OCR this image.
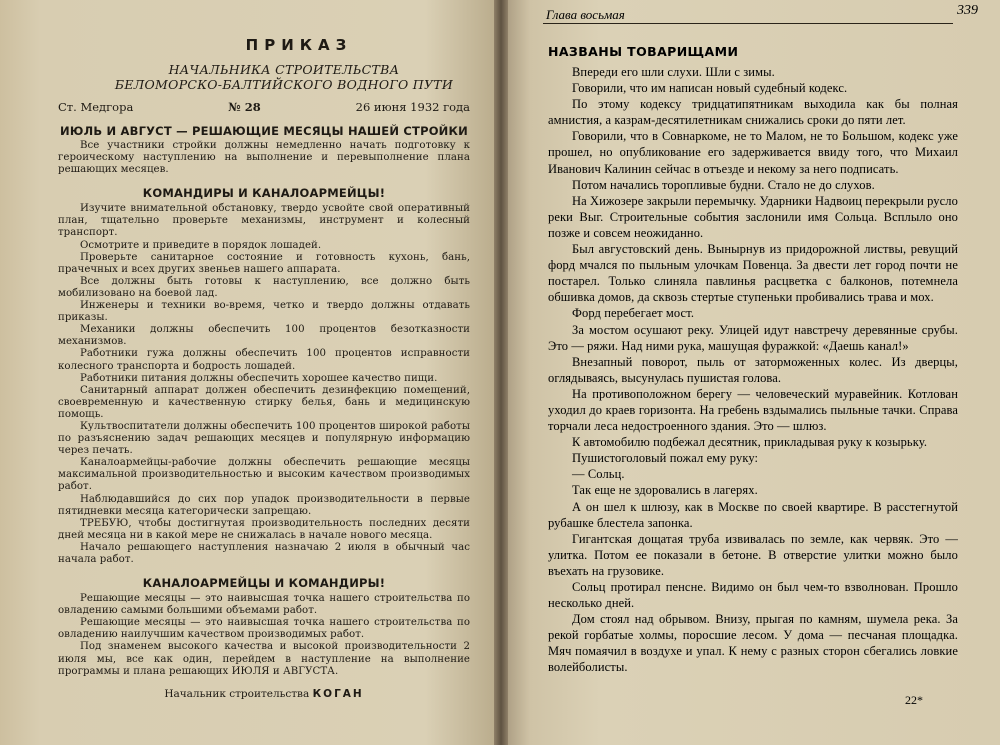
ПРИКАЗ
НАЧАЛЬНИКА СТРОИТЕЛЬСТВА
БЕЛОМОРСКО-БАЛТИЙСКОГО ВОДНОГО ПУТИ
Ст. Медгора	№ 28	26 июня 1932 года
ИЮЛЬ И АВГУСТ — РЕШАЮЩИЕ МЕСЯЦЫ НАШЕЙ СТРОЙКИ
Все участники стройки должны немедленно начать подготовку к героическому наступлению на выполнение и перевыполнение плана решающих месяцев.
КОМАНДИРЫ И КАНАЛОАРМЕЙЦЫ!
Изучите внимательной обстановку, твердо усвойте свой оперативный план, тщательно проверьте механизмы, инструмент и колесный транспорт.
Осмотрите и приведите в порядок лошадей.
Проверьте санитарное состояние и готовность кухонь, бань, прачечных и всех других звеньев нашего аппарата.
Все должны быть готовы к наступлению, все должно быть мобилизовано на боевой лад.
Инженеры и техники во-время, четко и твердо должны отдавать приказы.
Механики должны обеспечить 100 процентов безотказности механизмов.
Работники гужа должны обеспечить 100 процентов исправности колесного транспорта и бодрость лошадей.
Работники питания должны обеспечить хорошее качество пищи.
Санитарный аппарат должен обеспечить дезинфекцию помещений, своевременную и качественную стирку белья, бань и медицинскую помощь.
Культвоспитатели должны обеспечить 100 процентов широкой работы по разъяснению задач решающих месяцев и популярную информацию через печать.
Каналоармейцы-рабочие должны обеспечить решающие месяцы максимальной производительностью и высоким качеством производимых работ.
Наблюдавшийся до сих пор упадок производительности в первые пятидневки месяца категорически запрещаю.
ТРЕБУЮ, чтобы достигнутая производительность последних десяти дней месяца ни в какой мере не снижалась в начале нового месяца.
Начало решающего наступления назначаю 2 июля в обычный час начала работ.
КАНАЛОАРМЕЙЦЫ И КОМАНДИРЫ!
Решающие месяцы — это наивысшая точка нашего строительства по овладению самыми большими объемами работ.
Решающие месяцы — это наивысшая точка нашего строительства по овладению наилучшим качеством производимых работ.
Под знаменем высокого качества и высокой производительности 2 июля мы, все как один, перейдем в наступление на выполнение программы и плана решающих ИЮЛЯ и АВГУСТА.
Начальник строительства КОГАН
Глава восьмая	339
НАЗВАНЫ ТОВАРИЩАМИ
Впереди его шли слухи. Шли с зимы.
Говорили, что им написан новый судебный кодекс.
По этому кодексу тридцатипятникам выходила как бы полная амнистия, а казрам-десятилетникам снижались сроки до пяти лет.
Говорили, что в Совнаркоме, не то Малом, не то Большом, кодекс уже прошел, но опубликование его задерживается ввиду того, что Михаил Иванович Калинин сейчас в отъезде и некому за него подписать.
Потом начались торопливые будни. Стало не до слухов.
На Хижозере закрыли перемычку. Ударники Надвоиц перекрыли русло реки Выг. Строительные события заслонили имя Сольца. Всплыло оно позже и совсем неожиданно.
Был августовский день. Вынырнув из придорожной листвы, ревущий форд мчался по пыльным улочкам Повенца. За двести лет город почти не постарел. Только слиняла павлинья расцветка с балконов, потемнела обшивка домов, да сквозь стертые ступеньки пробивались трава и мох.
Форд перебегает мост.
За мостом осушают реку. Улицей идут навстречу деревянные срубы. Это — ряжи. Над ними рука, машущая фуражкой: «Даешь канал!»
Внезапный поворот, пыль от заторможенных колес. Из дверцы, оглядываясь, высунулась пушистая голова.
На противоположном берегу — человеческий муравейник. Котлован уходил до краев горизонта. На гребень вздымались пыльные тачки. Справа торчали леса недостроенного здания. Это — шлюз.
К автомобилю подбежал десятник, прикладывая руку к козырьку.
Пушистоголовый пожал ему руку:
— Сольц.
Так еще не здоровались в лагерях.
А он шел к шлюзу, как в Москве по своей квартире. В расстегнутой рубашке блестела запонка.
Гигантская дощатая труба извивалась по земле, как червяк. Это — улитка. Потом ее показали в бетоне. В отверстие улитки можно было въехать на грузовике.
Сольц протирал пенсне. Видимо он был чем-то взволнован. Прошло несколько дней.
Дом стоял над обрывом. Внизу, прыгая по камням, шумела река. За рекой горбатые холмы, поросшие лесом. У дома — песчаная площадка. Мяч помаячил в воздухе и упал. К нему с разных сторон сбегались ловкие волейболисты.
22*
